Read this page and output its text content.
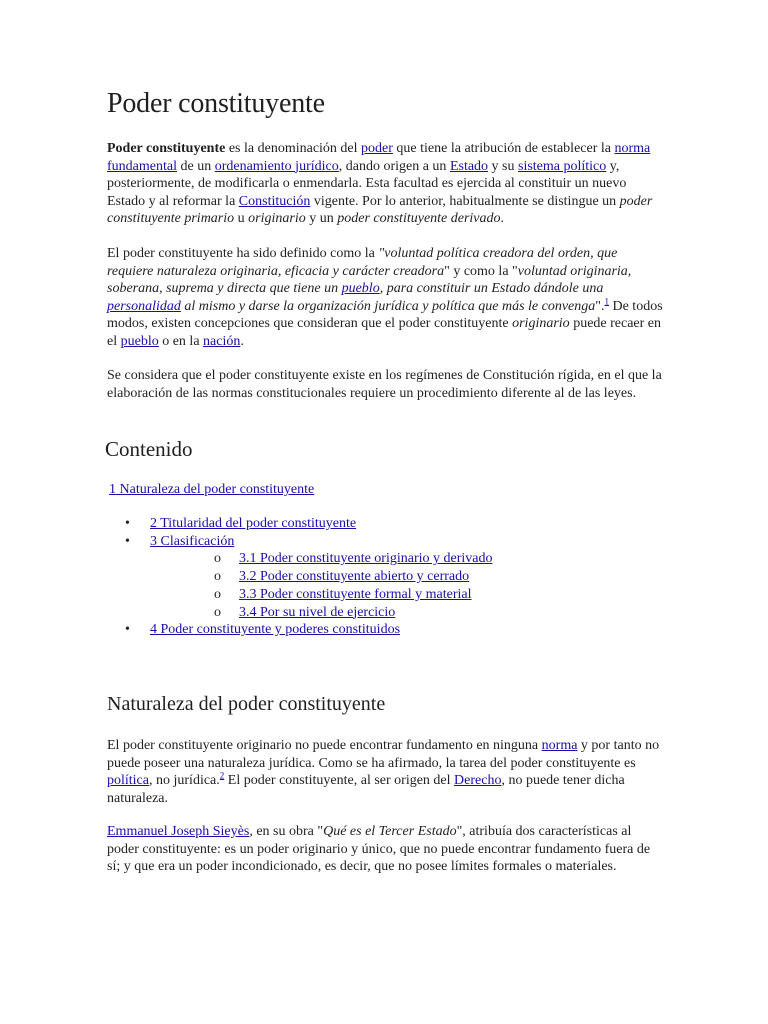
Poder constituyente

Poder constituyente es la denominación del poder que tiene la atribución de establecer la norma fundamental de un ordenamiento jurídico, dando origen a un Estado y su sistema político y, posteriormente, de modificarla o enmendarla. Esta facultad es ejercida al constituir un nuevo Estado y al reformar la Constitución vigente. Por lo anterior, habitualmente se distingue un poder constituyente primario u originario y un poder constituyente derivado.

El poder constituyente ha sido definido como la "voluntad política creadora del orden, que requiere naturaleza originaria, eficacia y carácter creadora" y como la "voluntad originaria, soberana, suprema y directa que tiene un pueblo, para constituir un Estado dándole una personalidad al mismo y darse la organización jurídica y política que más le convenga".$^1$ De todos modos, existen concepciones que consideran que el poder constituyente originario puede recaer en el pueblo o en la nación.

Se considera que el poder constituyente existe en los regímenes de Constitución rígida, en el que la elaboración de las normas constitucionales requiere un procedimiento diferente al de las leyes.

Contenido
1 Naturaleza del poder constituyente
• 2 Titularidad del poder constituyente
• 3 Clasificación
o 3.1 Poder constituyente originario y derivado
o 3.2 Poder constituyente abierto y cerrado
o 3.3 Poder constituyente formal y material
o 3.4 Por su nivel de ejercicio
• 4 Poder constituyente y poderes constituidos
Naturaleza del poder constituyente

El poder constituyente originario no puede encontrar fundamento en ninguna norma y por tanto no puede poseer una naturaleza jurídica. Como se ha afirmado, la tarea del poder constituyente es política, no jurídica.$^2$ El poder constituyente, al ser origen del Derecho, no puede tener dicha naturaleza.

Emmanuel Joseph Sieyès, en su obra "Qué es el Tercer Estado", atribuía dos características al poder constituyente: es un poder originario y único, que no puede encontrar fundamento fuera de sí; y que era un poder incondicionado, es decir, que no posee límites formales o materiales.
